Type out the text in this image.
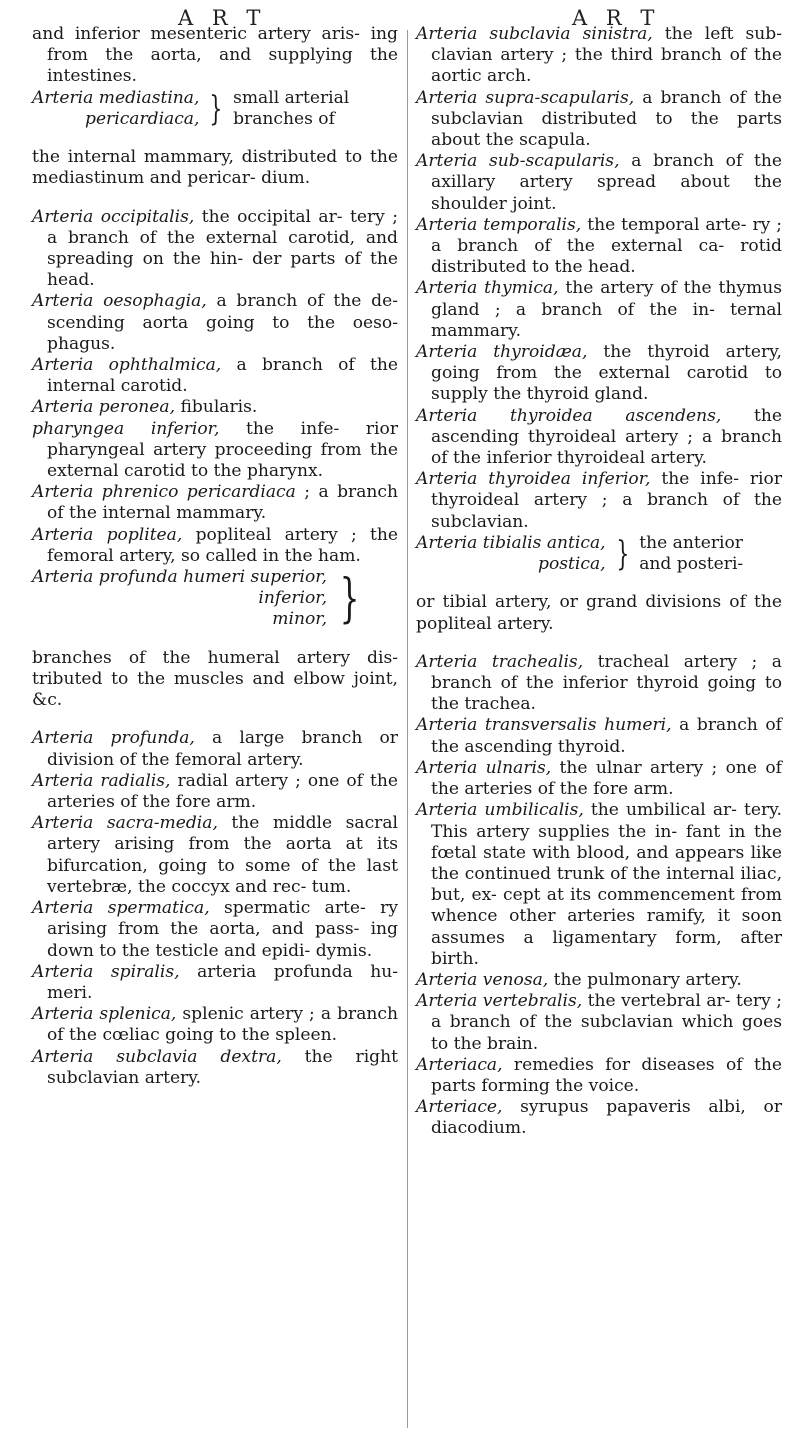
A R T	A R T

and inferior mesenteric artery aris- ing from the aorta, and supplying the intestines.

Arteria mediastina,
pericardiaca, } small arterial
branches of

the internal mammary, distributed to the mediastinum and pericar- dium.

Arteria occipitalis, the occipital ar- tery ; a branch of the external carotid, and spreading on the hin- der parts of the head.

Arteria oesophagia, a branch of the de- scending aorta going to the oeso- phagus.

Arteria ophthalmica, a branch of the internal carotid.

Arteria peronea, fibularis.

pharyngea inferior, the infe- rior pharyngeal artery proceeding from the external carotid to the pharynx.

Arteria phrenico pericardiaca ; a branch of the internal mammary.

Arteria poplitea, popliteal artery ; the femoral artery, so called in the ham.

Arteria profunda humeri superior,
inferior,
minor, }

branches of the humeral artery dis- tributed to the muscles and elbow joint, &c.

Arteria profunda, a large branch or division of the femoral artery.

Arteria radialis, radial artery ; one of the arteries of the fore arm.

Arteria sacra-media, the middle sacral artery arising from the aorta at its bifurcation, going to some of the last vertebræ, the coccyx and rec- tum.

Arteria spermatica, spermatic arte- ry arising from the aorta, and pass- ing down to the testicle and epidi- dymis.

Arteria spiralis, arteria profunda hu- meri.

Arteria splenica, splenic artery ; a branch of the cœliac going to the spleen.

Arteria subclavia dextra, the right subclavian artery.

Arteria subclavia sinistra, the left sub- clavian artery ; the third branch of the aortic arch.

Arteria supra-scapularis, a branch of the subclavian distributed to the parts about the scapula.

Arteria sub-scapularis, a branch of the axillary artery spread about the shoulder joint.

Arteria temporalis, the temporal arte- ry ; a branch of the external ca- rotid distributed to the head.

Arteria thymica, the artery of the thymus gland ; a branch of the in- ternal mammary.

Arteria thyroidæa, the thyroid artery, going from the external carotid to supply the thyroid gland.

Arteria thyroidea ascendens, the ascending thyroideal artery ; a branch of the inferior thyroideal artery.

Arteria thyroidea inferior, the infe- rior thyroideal artery ; a branch of the subclavian.

Arteria tibialis antica,
postica, } the anterior
and posteri-

or tibial artery, or grand divisions of the popliteal artery.

Arteria trachealis, tracheal artery ; a branch of the inferior thyroid going to the trachea.

Arteria transversalis humeri, a branch of the ascending thyroid.

Arteria ulnaris, the ulnar artery ; one of the arteries of the fore arm.

Arteria umbilicalis, the umbilical ar- tery. This artery supplies the in- fant in the fœtal state with blood, and appears like the continued trunk of the internal iliac, but, ex- cept at its commencement from whence other arteries ramify, it soon assumes a ligamentary form, after birth.

Arteria venosa, the pulmonary artery.

Arteria vertebralis, the vertebral ar- tery ; a branch of the subclavian which goes to the brain.

Arteriaca, remedies for diseases of the parts forming the voice.

Arteriace, syrupus papaveris albi, or diacodium.
